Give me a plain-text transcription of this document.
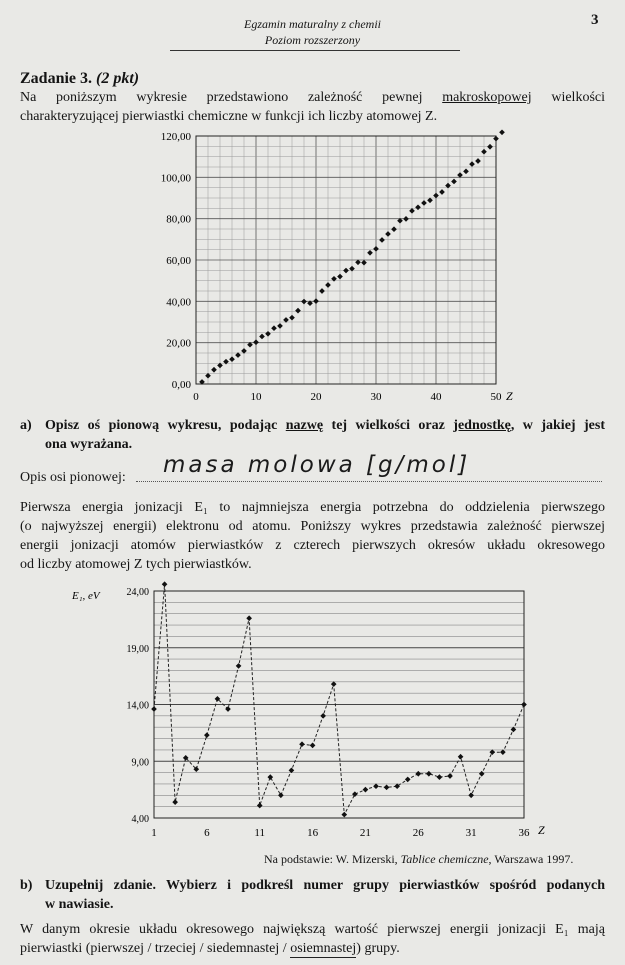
Egzamin maturalny z chemii
Poziom rozszerzony
3
Zadanie 3. (2 pkt)
Na poniższym wykresie przedstawiono zależność pewnej makroskopowej wielkości
charakteryzującej pierwiastki chemiczne w funkcji ich liczby atomowej Z.
0,00
20,00
40,00
60,00
80,00
100,00
120,00
0	10	20	30	40	50 Z
a) Opisz oś pionową wykresu, podając nazwę tej wielkości oraz jednostkę, w jakiej jest
ona wyrażana.
Opis osi pionowej: masa molowa [g/mol]
Pierwsza energia jonizacji E₁ to najmniejsza energia potrzebna do oddzielenia pierwszego
(o najwyższej energii) elektronu od atomu. Poniższy wykres przedstawia zależność pierwszej
energii jonizacji atomów pierwiastków z czterech pierwszych okresów układu okresowego
od liczby atomowej Z tych pierwiastków.
4,00
9,00
14,00
19,00
24,00
1	6	11	16	21	26	31	36
E₁, eV
Z
Na podstawie: W. Mizerski, Tablice chemiczne, Warszawa 1997.
b) Uzupełnij zdanie. Wybierz i podkreśl numer grupy pierwiastków spośród podanych
w nawiasie.
W danym okresie układu okresowego największą wartość pierwszej energii jonizacji E₁ mają
pierwiastki (pierwszej / trzeciej / siedemnastej / osiemnastej) grupy.
